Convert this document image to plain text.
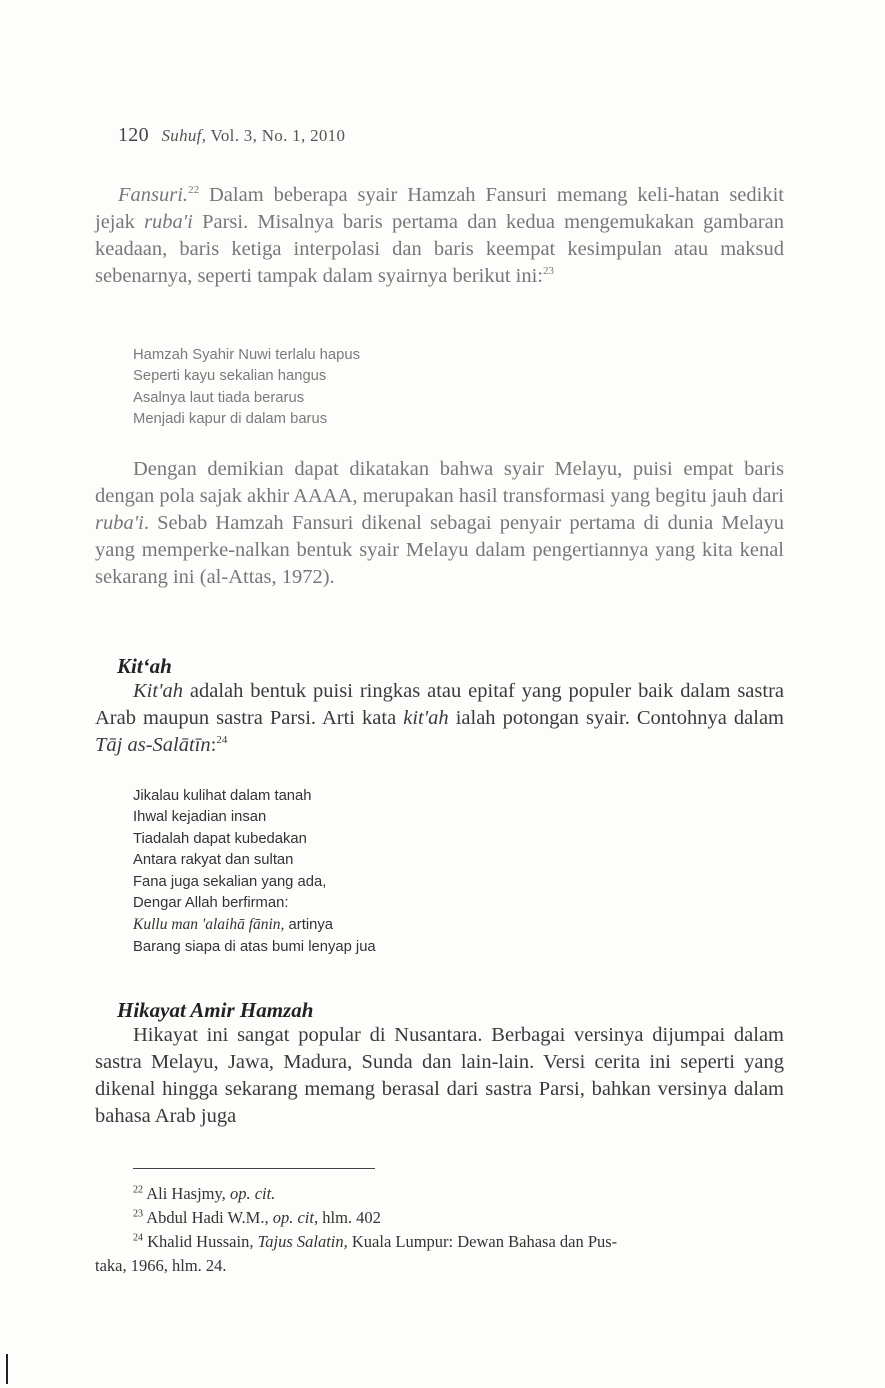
120 Suhuf, Vol. 3, No. 1, 2010

Fansuri.$^{22}$ Dalam beberapa syair Hamzah Fansuri memang keli-hatan sedikit jejak ruba'i Parsi. Misalnya baris pertama dan kedua mengemukakan gambaran keadaan, baris ketiga interpolasi dan baris keempat kesimpulan atau maksud sebenarnya, seperti tampak dalam syairnya berikut ini:$^{23}$

Hamzah Syahir Nuwi terlalu hapus
Seperti kayu sekalian hangus
Asalnya laut tiada berarus
Menjadi kapur di dalam barus

Dengan demikian dapat dikatakan bahwa syair Melayu, puisi empat baris dengan pola sajak akhir AAAA, merupakan hasil transformasi yang begitu jauh dari ruba'i. Sebab Hamzah Fansuri dikenal sebagai penyair pertama di dunia Melayu yang memperke-nalkan bentuk syair Melayu dalam pengertiannya yang kita kenal sekarang ini (al-Attas, 1972).

Kit‘ah

Kit'ah adalah bentuk puisi ringkas atau epitaf yang populer baik dalam sastra Arab maupun sastra Parsi. Arti kata kit'ah ialah potongan syair. Contohnya dalam Tāj as-Salātīn:$^{24}$

Jikalau kulihat dalam tanah
Ihwal kejadian insan
Tiadalah dapat kubedakan
Antara rakyat dan sultan
Fana juga sekalian yang ada,
Dengar Allah berfirman:
Kullu man 'alaihā fānin, artinya
Barang siapa di atas bumi lenyap jua
Hikayat Amir Hamzah

Hikayat ini sangat popular di Nusantara. Berbagai versinya dijumpai dalam sastra Melayu, Jawa, Madura, Sunda dan lain-lain. Versi cerita ini seperti yang dikenal hingga sekarang memang berasal dari sastra Parsi, bahkan versinya dalam bahasa Arab juga

$^{22}$ Ali Hasjmy, op. cit.
$^{23}$ Abdul Hadi W.M., op. cit, hlm. 402
$^{24}$ Khalid Hussain, Tajus Salatin, Kuala Lumpur: Dewan Bahasa dan Pus-
taka, 1966, hlm. 24.
